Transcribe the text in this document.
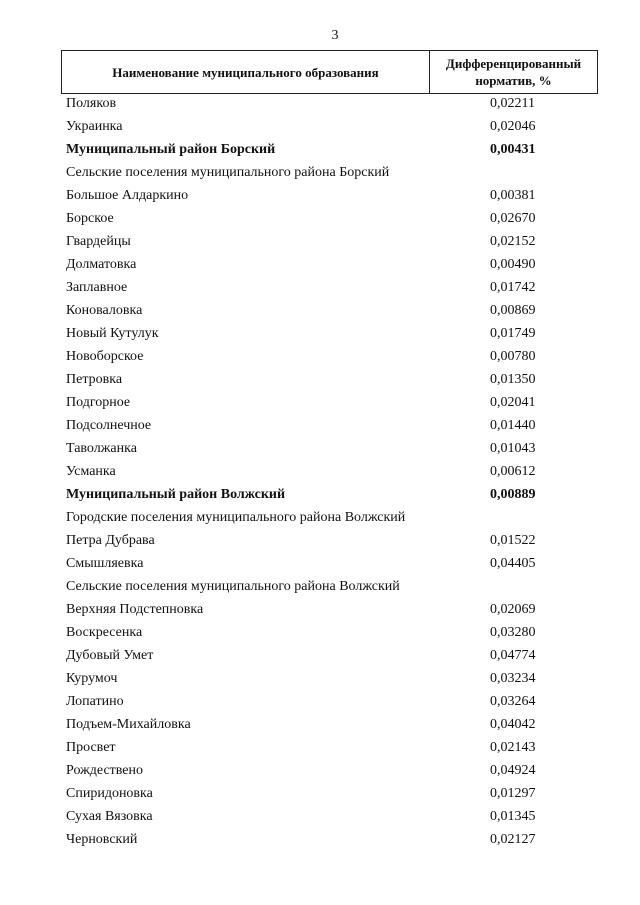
3
Наименование муниципального образования
Дифференцированный
норматив, %
Поляков	0,02211
Украинка	0,02046
Муниципальный район Борский	0,00431
Сельские поселения муниципального района Борский
Большое Алдаркино	0,00381
Борское	0,02670
Гвардейцы	0,02152
Долматовка	0,00490
Заплавное	0,01742
Коноваловка	0,00869
Новый Кутулук	0,01749
Новоборское	0,00780
Петровка	0,01350
Подгорное	0,02041
Подсолнечное	0,01440
Таволжанка	0,01043
Усманка	0,00612
Муниципальный район Волжский	0,00889
Городские поселения муниципального района Волжский
Петра Дубрава	0,01522
Смышляевка	0,04405
Сельские поселения муниципального района Волжский
Верхняя Подстепновка	0,02069
Воскресенка	0,03280
Дубовый Умет	0,04774
Курумоч	0,03234
Лопатино	0,03264
Подъем-Михайловка	0,04042
Просвет	0,02143
Рождествено	0,04924
Спиридоновка	0,01297
Сухая Вязовка	0,01345
Черновский	0,02127
